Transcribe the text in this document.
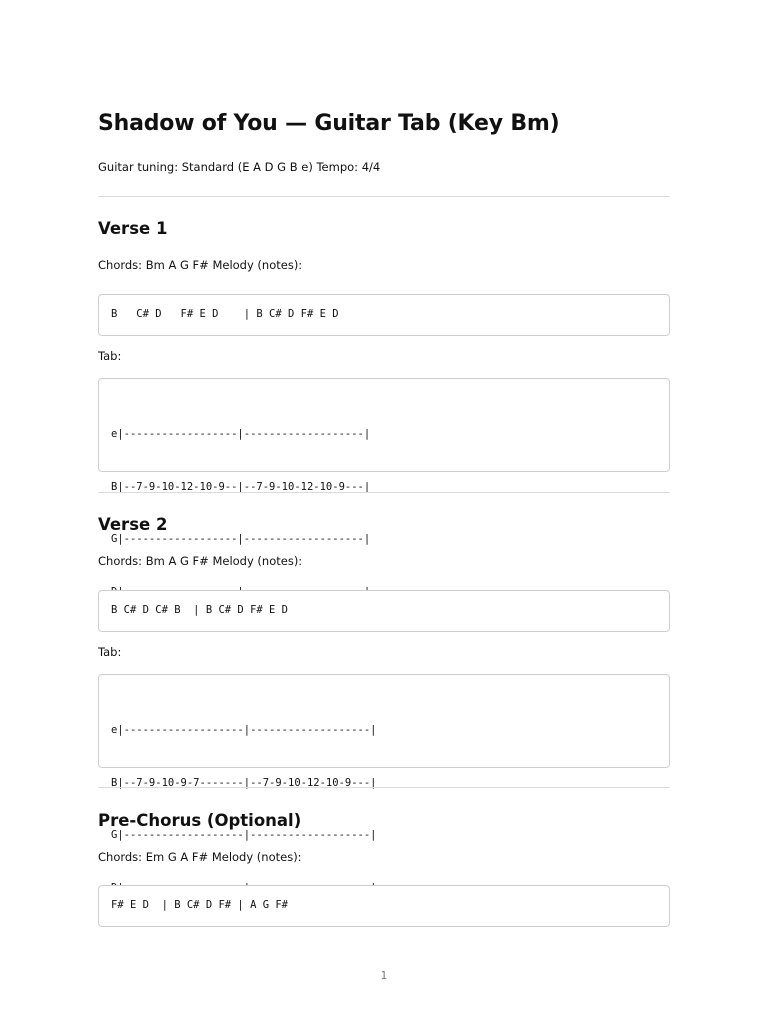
Shadow of You — Guitar Tab (Key Bm)

Guitar tuning: Standard (E A D G B e) Tempo: 4/4

Verse 1

Chords: Bm A G F# Melody (notes):

B   C# D   F# E D    | B C# D F# E D

Tab:

e|------------------|-------------------|

B|--7-9-10-12-10-9--|--7-9-10-12-10-9---|

G|------------------|-------------------|

Verse 2

Chords: Bm A G F# Melody (notes):

B C# D C# B  | B C# D F# E D

Tab:

e|-------------------|-------------------|

B|--7-9-10-9-7-------|--7-9-10-12-10-9---|

G|-------------------|-------------------|

Pre-Chorus (Optional)

Chords: Em G A F# Melody (notes):

F# E D  | B C# D F# | A G F#
1
